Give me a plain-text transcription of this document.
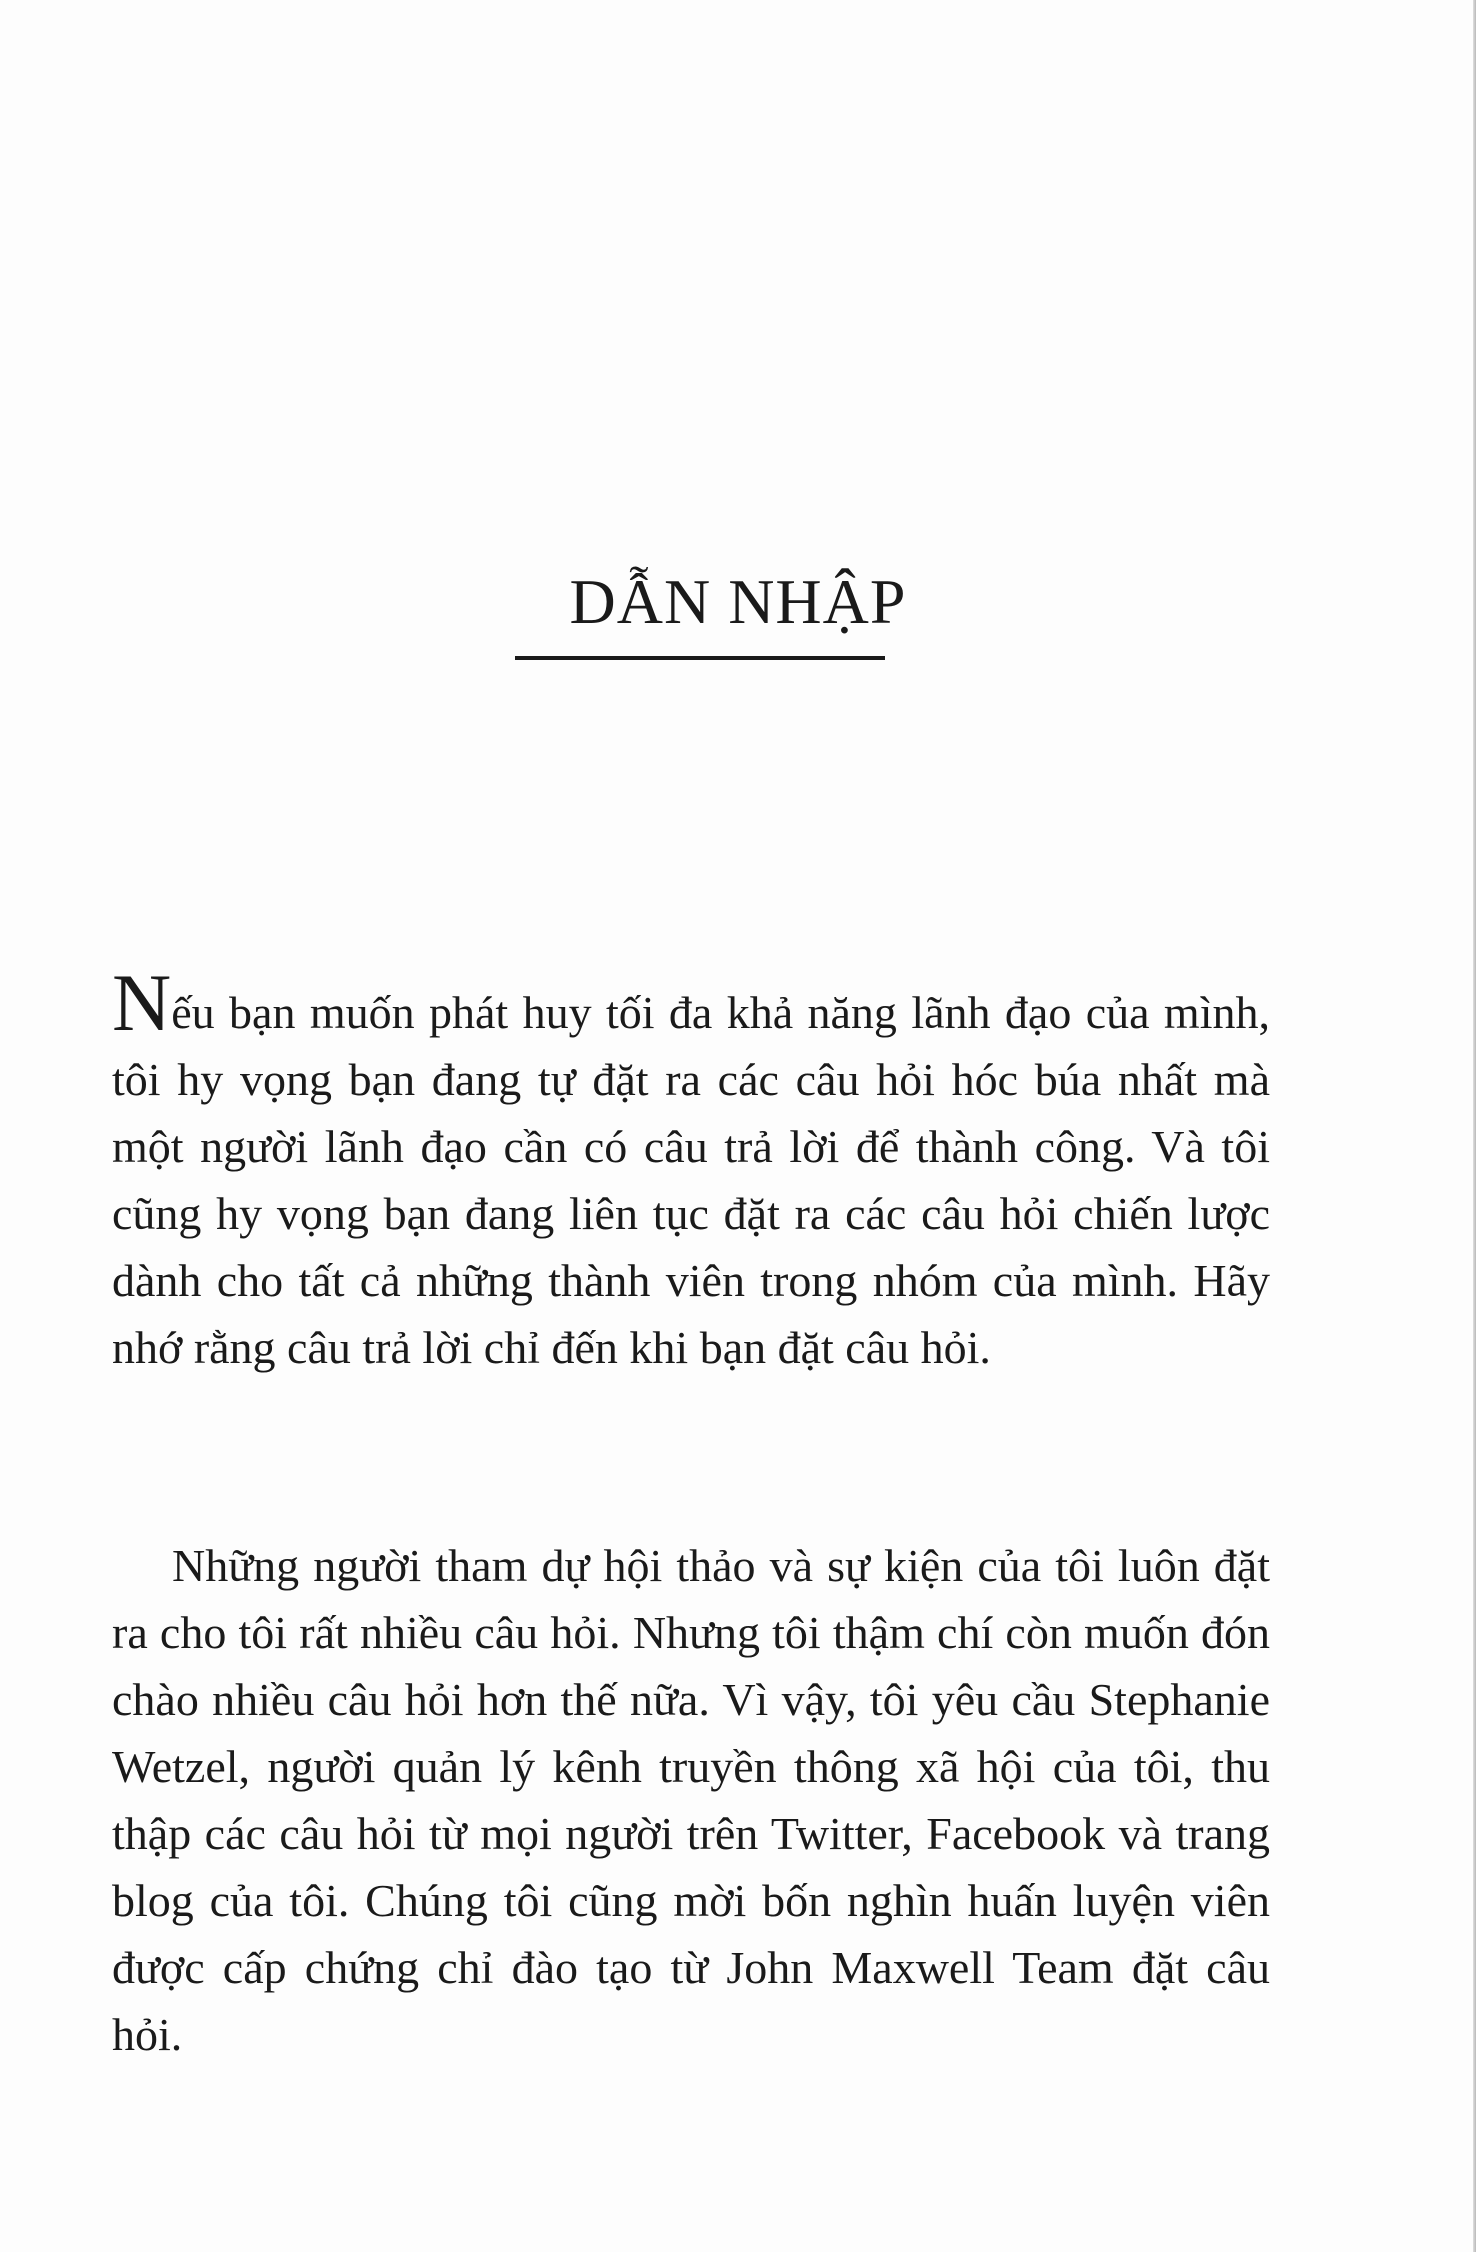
DẪN NHẬP

Nếu bạn muốn phát huy tối đa khả năng lãnh đạo của mình, tôi hy vọng bạn đang tự đặt ra các câu hỏi hóc búa nhất mà một người lãnh đạo cần có câu trả lời để thành công. Và tôi cũng hy vọng bạn đang liên tục đặt ra các câu hỏi chiến lược dành cho tất cả những thành viên trong nhóm của mình. Hãy nhớ rằng câu trả lời chỉ đến khi bạn đặt câu hỏi.

Những người tham dự hội thảo và sự kiện của tôi luôn đặt ra cho tôi rất nhiều câu hỏi. Nhưng tôi thậm chí còn muốn đón chào nhiều câu hỏi hơn thế nữa. Vì vậy, tôi yêu cầu Stephanie Wetzel, người quản lý kênh truyền thông xã hội của tôi, thu thập các câu hỏi từ mọi người trên Twitter, Facebook và trang blog của tôi. Chúng tôi cũng mời bốn nghìn huấn luyện viên được cấp chứng chỉ đào tạo từ John Maxwell Team đặt câu hỏi.
